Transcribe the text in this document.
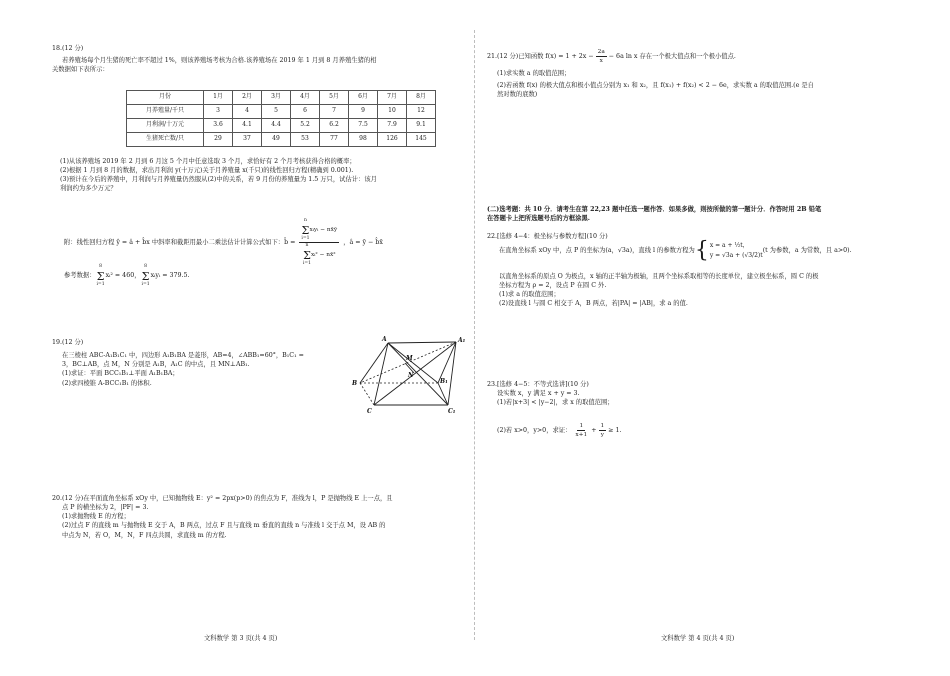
18.(12 分)
若养殖场每个月生猪的死亡率不超过 1%，则该养殖场考核为合格.该养殖场在 2019 年 1 月到 8 月养殖生猪的相
关数据如下表所示：
月份	1月	2月	3月	4月	5月	6月	7月	8月
月养殖量/千只	3	4	5	6	7	9	10	12
月利润/十万元	3.6	4.1	4.4	5.2	6.2	7.5	7.9	9.1
生猪死亡数/只	29	37	49	53	77	98	126	145
(1)从该养殖场 2019 年 2 月到 6 月这 5 个月中任意选取 3 个月，求恰好有 2 个月考核获得合格的概率；
(2)根据 1 月到 8 月的数据，求出月利润 y(十万元)关于月养殖量 x(千只)的线性回归方程(精确到 0.001).
(3)预计在今后的养殖中，月利润与月养殖量仍然服从(2)中的关系，若 9 月份的养殖量为 1.5 万只，试估计：该月
利润约为多少万元？
附：线性回归方程 ŷ = â + b̂x 中斜率和截距用最小二乘法估计计算公式如下：b̂ = n
Σ
i=1
xᵢyᵢ − nx̄ȳ
n
Σ
i=1
xᵢ² − nx̄² ，â = ȳ − b̂x̄
参考数据：
8
Σ
i=1
xᵢ² = 460，
8
Σ
i=1
xᵢyᵢ = 379.5.
19.(12 分)
在三棱柱 ABC-A₁B₁C₁ 中，四边形 A₁B₁BA 是菱形，AB=4，∠ABB₁=60°，B₁C₁ =
3，BC⊥AB，点 M，N 分别是 A₁B，A₁C 的中点，且 MN⊥AB₁.
(1)求证：平面 BCC₁B₁⊥平面 A₁B₁BA；
(2)求四棱锥 A-BCC₁B₁ 的体积.
A	A₁
M
N
B	B₁
C	C₁
20.(12 分)在平面直角坐标系 xOy 中，已知抛物线 E：y² = 2px(p>0) 的焦点为 F，准线为 l，P 是抛物线 E 上一点，且
点 P 的横坐标为 2，|PF| = 3.
(1)求抛物线 E 的方程；
(2)过点 F 的直线 m 与抛物线 E 交于 A，B 两点，过点 F 且与直线 m 垂直的直线 n 与准线 l 交于点 M，设 AB 的
中点为 N，若 O，M，N，F 四点共圆，求直线 m 的方程.
文科数学 第 3 页(共 4 页)
21.(12 分)已知函数 $f(x) = 1 + 2x - \frac{2a}{x} - 6a$ ln x 存在一个极大值点和一个极小值点.
(1)求实数 a 的取值范围；
(2)若函数 f(x) 的极大值点和极小值点分别为 x₁ 和 x₂，且 f(x₁) + f(x₂) < 2 − 6e，求实数 a 的取值范围.(e 是自
然对数的底数)
(二)选考题：共 10 分．请考生在第 22,23 题中任选一题作答．如果多做，则按所做的第一题计分．作答时用 2B 铅笔
在答题卡上把所选题号后的方框涂黑.
22.[选修 4−4：极坐标与参数方程](10 分)
在直角坐标系 xOy 中，点 P 的坐标为(a，√3a)，直线 l 的参数方程为 { x = a + ½t，
y = √3a + (√3/2)t
(t 为参数，a 为常数，且 a>0).
以直角坐标系的原点 O 为极点，x 轴的正半轴为极轴，且两个坐标系取相等的长度单位，建立极坐标系，圆 C 的极
坐标方程为 ρ = 2，设点 P 在圆 C 外.
(1)求 a 的取值范围；
(2)设直线 l 与圆 C 相交于 A，B 两点，若|PA| = |AB|，求 a 的值.
23.[选修 4−5：不等式选讲](10 分)
设实数 x，y 满足 x + y = 3.
(1)若|x+3| < |y−2|，求 x 的取值范围；
(2)若 x>0，y>0，求证： $\frac{1}{x+1} + \frac{1}{y} \ge 1$.
文科数学 第 4 页(共 4 页)
